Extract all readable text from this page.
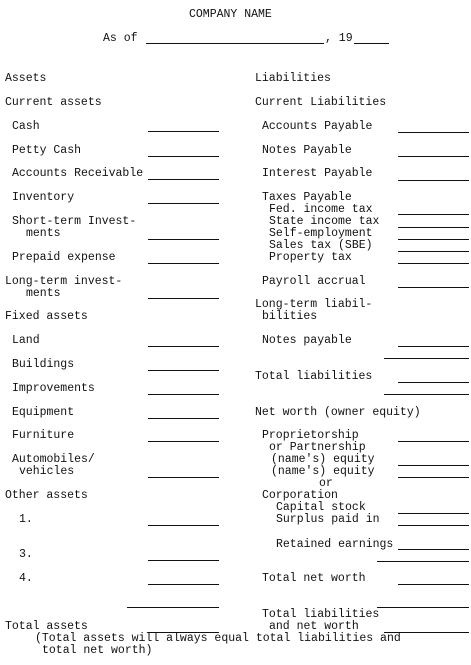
COMPANY NAME
As of	, 19
Assets
Current assets
Cash
Petty Cash
Accounts Receivable
Inventory
Short-term Invest-
ments
Prepaid expense
Long-term invest-
ments
Fixed assets
Land
Buildings
Improvements
Equipment
Furniture
Automobiles/
vehicles
Other assets
1.
3.
4.
Total assets
Liabilities
Current Liabilities
Accounts Payable
Notes Payable
Interest Payable
Taxes Payable
Fed. income tax
State income tax
Self-employment
Sales tax (SBE)
Property tax
Payroll accrual
Long-term liabil-
bilities
Notes payable
Total liabilities
Net worth (owner equity)
Proprietorship
or Partnership
(name's) equity
(name's) equity
or
Corporation
Capital stock
Surplus paid in
Retained earnings
Total net worth
Total liabilities
and net worth
(Total assets will always equal total liabilities and
total net worth)
